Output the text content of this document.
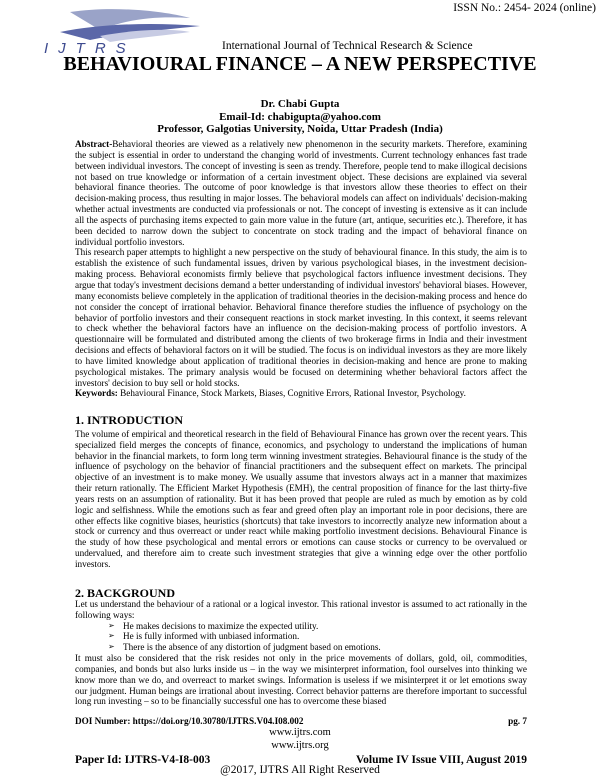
ISSN No.: 2454- 2024 (online)
IJTRS	International Journal of Technical Research & Science
BEHAVIOURAL FINANCE – A NEW PERSPECTIVE
Dr. Chabi Gupta
Email-Id: chabigupta@yahoo.com
Professor, Galgotias University, Noida, Uttar Pradesh (India)

Abstract-Behavioral theories are viewed as a relatively new phenomenon in the security markets. Therefore, examining the subject is essential in order to understand the changing world of investments. Current technology enhances fast trade between individual investors. The concept of investing is seen as trendy. Therefore, people tend to make illogical decisions not based on true knowledge or information of a certain investment object. These decisions are explained via several behavioral finance theories. The outcome of poor knowledge is that investors allow these theories to effect on their decision-making process, thus resulting in major losses. The behavioral models can affect on individuals' decision-making whether actual investments are conducted via professionals or not. The concept of investing is extensive as it can include all the aspects of purchasing items expected to gain more value in the future (art, antique, securities etc.). Therefore, it has been decided to narrow down the subject to concentrate on stock trading and the impact of behavioral finance on individual portfolio investors.

This research paper attempts to highlight a new perspective on the study of behavioural finance. In this study, the aim is to establish the existence of such fundamental issues, driven by various psychological biases, in the investment decision-making process. Behavioral economists firmly believe that psychological factors influence investment decisions. They argue that today's investment decisions demand a better understanding of individual investors' behavioral biases. However, many economists believe completely in the application of traditional theories in the decision-making process and hence do not consider the concept of irrational behavior. Behavioral finance therefore studies the influence of psychology on the behavior of portfolio investors and their consequent reactions in stock market investing. In this context, it seems relevant to check whether the behavioral factors have an influence on the decision-making process of portfolio investors. A questionnaire will be formulated and distributed among the clients of two brokerage firms in India and their investment decisions and effects of behavioral factors on it will be studied. The focus is on individual investors as they are more likely to have limited knowledge about application of traditional theories in decision-making and hence are prone to making psychological mistakes. The primary analysis would be focused on determining whether behavioral factors affect the investors' decision to buy sell or hold stocks.

Keywords: Behavioural Finance, Stock Markets, Biases, Cognitive Errors, Rational Investor, Psychology.

1. INTRODUCTION

The volume of empirical and theoretical research in the field of Behavioural Finance has grown over the recent years. This specialized field merges the concepts of finance, economics, and psychology to understand the implications of human behavior in the financial markets, to form long term winning investment strategies. Behavioural finance is the study of the influence of psychology on the behavior of financial practitioners and the subsequent effect on markets. The principal objective of an investment is to make money. We usually assume that investors always act in a manner that maximizes their return rationally. The Efficient Market Hypothesis (EMH), the central proposition of finance for the last thirty-five years rests on an assumption of rationality. But it has been proved that people are ruled as much by emotion as by cold logic and selfishness. While the emotions such as fear and greed often play an important role in poor decisions, there are other effects like cognitive biases, heuristics (shortcuts) that take investors to incorrectly analyze new information about a stock or currency and thus overreact or under react while making portfolio investment decisions. Behavioural Finance is the study of how these psychological and mental errors or emotions can cause stocks or currency to be overvalued or undervalued, and therefore aim to create such investment strategies that give a winning edge over the other portfolio investors.

2. BACKGROUND

Let us understand the behaviour of a rational or a logical investor. This rational investor is assumed to act rationally in the following ways:

➢ He makes decisions to maximize the expected utility.
➢ He is fully informed with unbiased information.
➢ There is the absence of any distortion of judgment based on emotions.

It must also be considered that the risk resides not only in the price movements of dollars, gold, oil, commodities, companies, and bonds but also lurks inside us – in the way we misinterpret information, fool ourselves into thinking we know more than we do, and overreact to market swings. Information is useless if we misinterpret it or let emotions sway our judgment. Human beings are irrational about investing. Correct behavior patterns are therefore important to successful long run investing – so to be financially successful one has to overcome these biased

DOI Number: https://doi.org/10.30780/IJTRS.V04.I08.002	pg. 7
www.ijtrs.com
www.ijtrs.org
Paper Id: IJTRS-V4-I8-003	Volume IV Issue VIII, August 2019
@2017, IJTRS All Right Reserved
